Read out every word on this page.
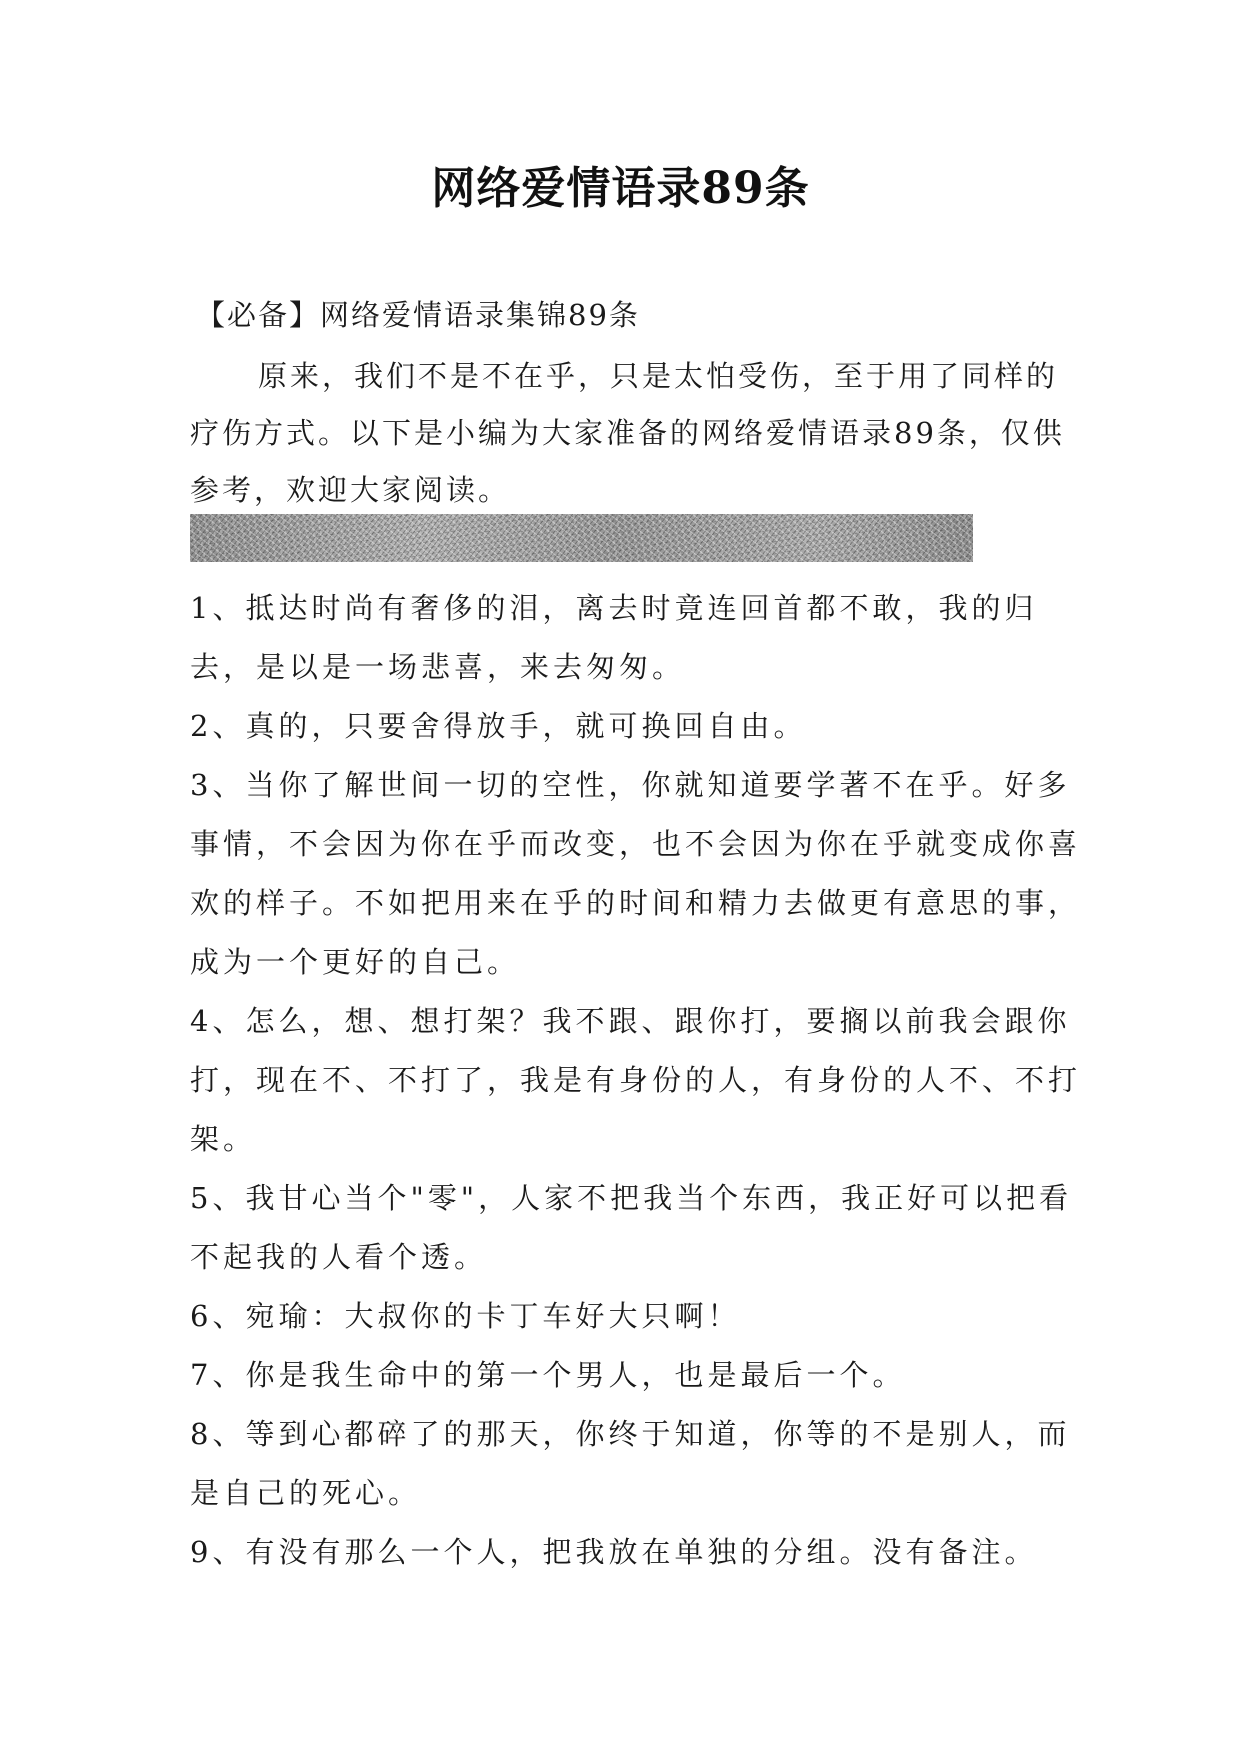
网络爱情语录89条
【必备】网络爱情语录集锦89条
原来，我们不是不在乎，只是太怕受伤，至于用了同样的疗伤方式。以下是小编为大家准备的网络爱情语录89条，仅供参考，欢迎大家阅读。

1、抵达时尚有奢侈的泪，离去时竟连回首都不敢，我的归去，是以是一场悲喜，来去匆匆。

2、真的，只要舍得放手，就可换回自由。

3、当你了解世间一切的空性，你就知道要学著不在乎。好多事情，不会因为你在乎而改变，也不会因为你在乎就变成你喜欢的样子。不如把用来在乎的时间和精力去做更有意思的事，成为一个更好的自己。

4、怎么，想、想打架？我不跟、跟你打，要搁以前我会跟你打，现在不、不打了，我是有身份的人，有身份的人不、不打架。

5、我甘心当个"零"，人家不把我当个东西，我正好可以把看不起我的人看个透。

6、宛瑜：大叔你的卡丁车好大只啊！

7、你是我生命中的第一个男人，也是最后一个。

8、等到心都碎了的那天，你终于知道，你等的不是别人，而是自己的死心。

9、有没有那么一个人，把我放在单独的分组。没有备注。
